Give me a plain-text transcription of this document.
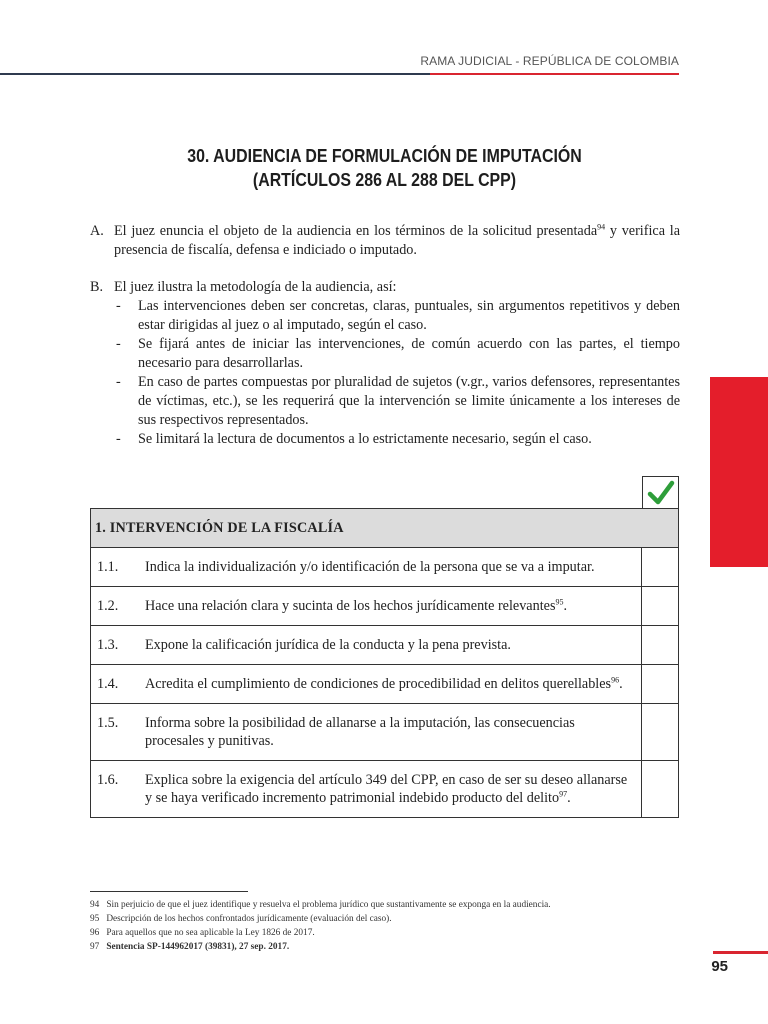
RAMA JUDICIAL - REPÚBLICA DE COLOMBIA
30. AUDIENCIA DE FORMULACIÓN DE IMPUTACIÓN
(ARTÍCULOS 286 AL 288 DEL CPP)
A. El juez enuncia el objeto de la audiencia en los términos de la solicitud presentada$^{94}$ y verifica la presencia de fiscalía, defensa e indiciado o imputado.
B. El juez ilustra la metodología de la audiencia, así:
-	Las intervenciones deben ser concretas, claras, puntuales, sin argumentos repetitivos y deben estar dirigidas al juez o al imputado, según el caso.
-	Se fijará antes de iniciar las intervenciones, de común acuerdo con las partes, el tiempo necesario para desarrollarlas.
-	En caso de partes compuestas por pluralidad de sujetos (v.gr., varios defensores, representantes de víctimas, etc.), se les requerirá que la intervención se limite únicamente a los intereses de sus respectivos representados.
-	Se limitará la lectura de documentos a lo estrictamente necesario, según el caso.
1. INTERVENCIÓN DE LA FISCALÍA
1.1.	Indica la individualización y/o identificación de la persona que se va a imputar.
1.2.	Hace una relación clara y sucinta de los hechos jurídicamente relevantes$^{95}$.
1.3.	Expone la calificación jurídica de la conducta y la pena prevista.
1.4.	Acredita el cumplimiento de condiciones de procedibilidad en delitos querellables$^{96}$.
1.5.	Informa sobre la posibilidad de allanarse a la imputación, las consecuencias procesales y punitivas.
1.6.	Explica sobre la exigencia del artículo 349 del CPP, en caso de ser su deseo allanarse y se haya verificado incremento patrimonial indebido producto del delito$^{97}$.
94 Sin perjuicio de que el juez identifique y resuelva el problema jurídico que sustantivamente se exponga en la audiencia.
95 Descripción de los hechos confrontados jurídicamente (evaluación del caso).
96 Para aquellos que no sea aplicable la Ley 1826 de 2017.
97 Sentencia SP-144962017 (39831), 27 sep. 2017.
95
